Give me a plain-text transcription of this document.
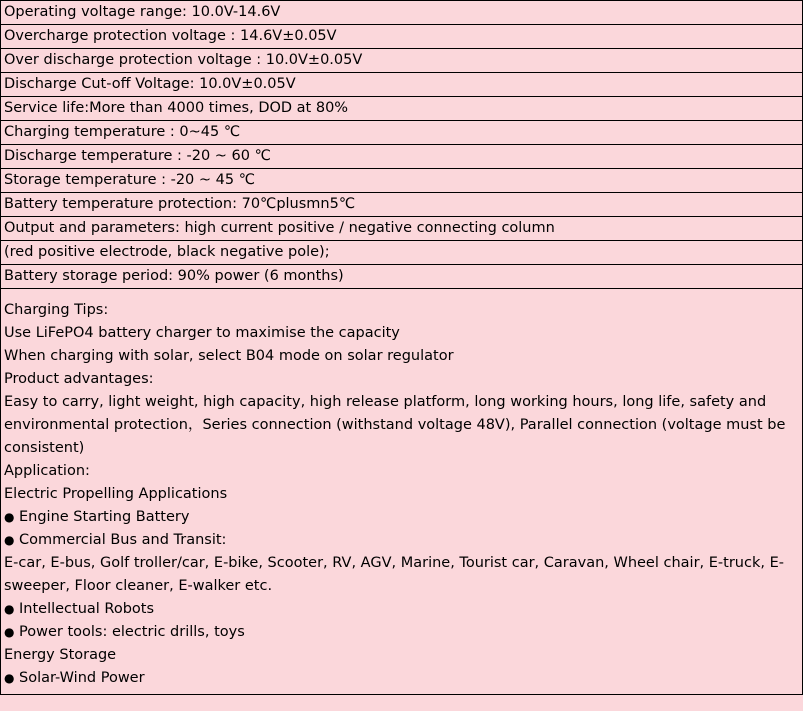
Operating voltage range: 10.0V-14.6V
Overcharge protection voltage : 14.6V±0.05V
Over discharge protection voltage : 10.0V±0.05V
Discharge Cut-off Voltage: 10.0V±0.05V
Service life:More than 4000 times, DOD at 80%
Charging temperature : 0~45 ℃
Discharge temperature : -20 ~ 60 ℃
Storage temperature : -20 ~ 45 ℃
Battery temperature protection: 70℃plusmn5℃
Output and parameters: high current positive / negative connecting column
(red positive electrode, black negative pole);
Battery storage period: 90% power (6 months)

Charging Tips:
Use LiFePO4 battery charger to maximise the capacity
When charging with solar, select B04 mode on solar regulator
Product advantages:
Easy to carry, light weight, high capacity, high release platform, long working hours, long life, safety and environmental protection，Series connection (withstand voltage 48V), Parallel connection (voltage must be consistent)
Application:
Electric Propelling Applications
● Engine Starting Battery
● Commercial Bus and Transit:
E-car, E-bus, Golf troller/car, E-bike, Scooter, RV, AGV, Marine, Tourist car, Caravan, Wheel chair, E-truck, E-sweeper, Floor cleaner, E-walker etc.
● Intellectual Robots
● Power tools: electric drills, toys
Energy Storage
● Solar-Wind Power
